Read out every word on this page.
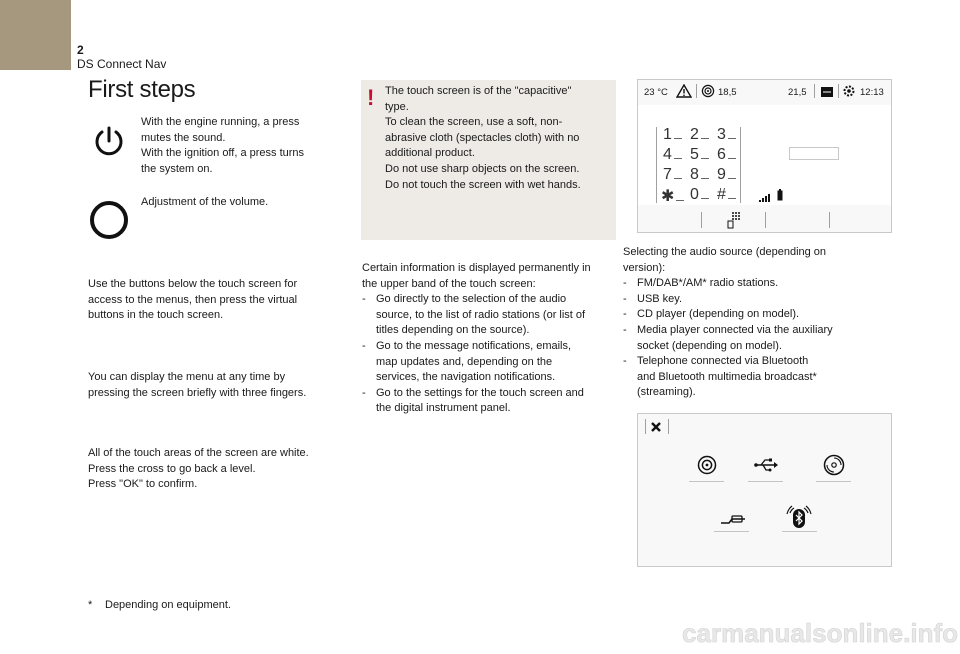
2
DS Connect Nav
First steps
With the engine running, a press
mutes the sound.
With the ignition off, a press turns
the system on.
Adjustment of the volume.
Use the buttons below the touch screen for
access to the menus, then press the virtual
buttons in the touch screen.
You can display the menu at any time by
pressing the screen briefly with three fingers.
All of the touch areas of the screen are white.
Press the cross to go back a level.
Press "OK" to confirm.
* Depending on equipment.
! The touch screen is of the "capacitive"
type.
To clean the screen, use a soft, non-
abrasive cloth (spectacles cloth) with no
additional product.
Do not use sharp objects on the screen.
Do not touch the screen with wet hands.
Certain information is displayed permanently in
the upper band of the touch screen:
- Go directly to the selection of the audio
source, to the list of radio stations (or list of
titles depending on the source).
- Go to the message notifications, emails,
map updates and, depending on the
services, the navigation notifications.
- Go to the settings for the touch screen and
the digital instrument panel.
23 °C	18,5	21,5	12:13
1	2	3
4	5	6
7	8	9
✱ 0	#
Selecting the audio source (depending on
version):
- FM/DAB*/AM* radio stations.
- USB key.
- CD player (depending on model).
- Media player connected via the auxiliary
socket (depending on model).
- Telephone connected via Bluetooth
and Bluetooth multimedia broadcast*
(streaming).
carmanualsonline.info
